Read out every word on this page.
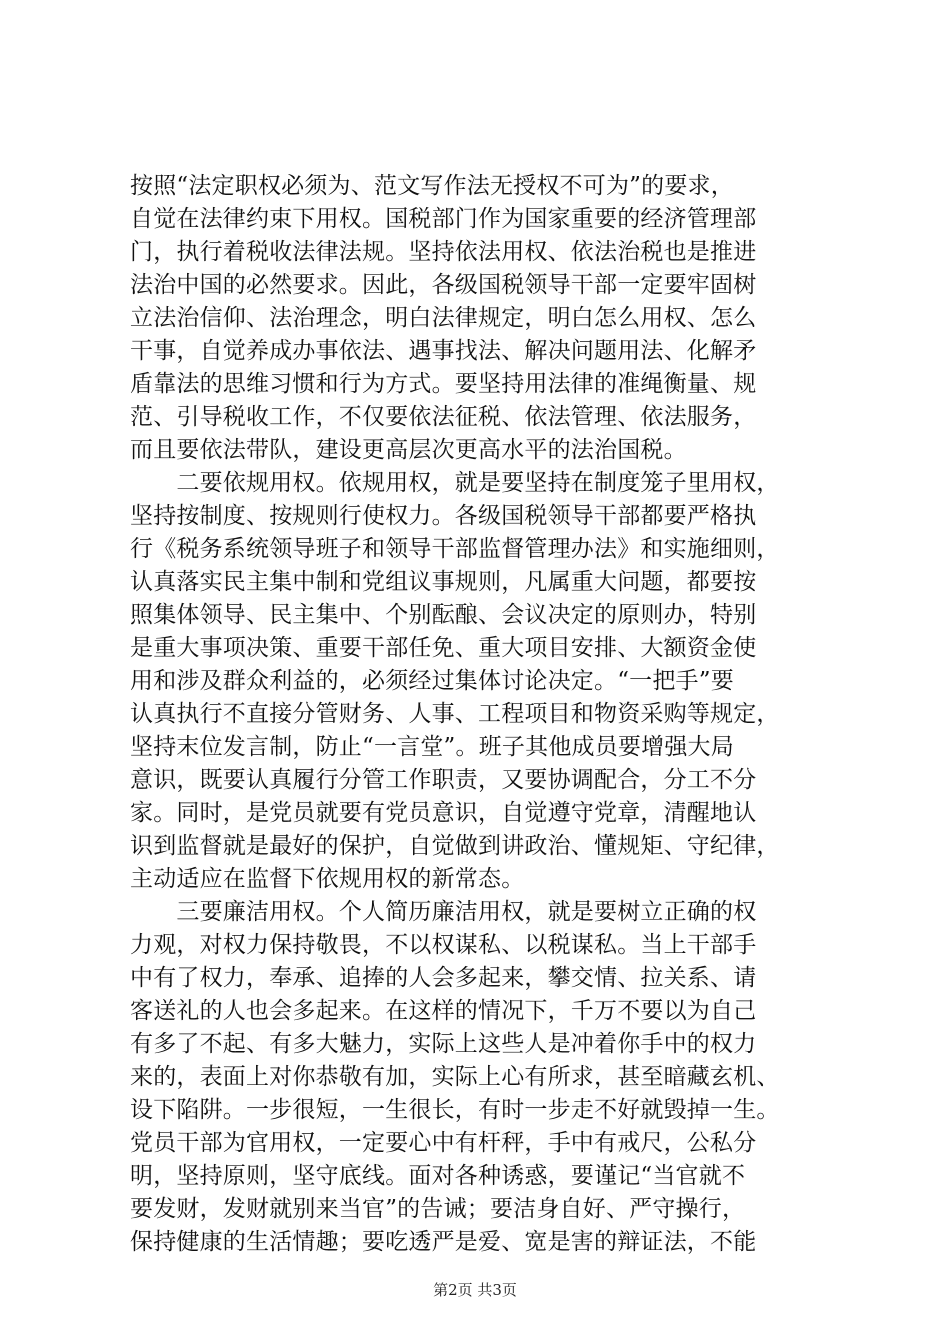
按照“法定职权必须为、范文写作法无授权不可为”的要求，
自觉在法律约束下用权。国税部门作为国家重要的经济管理部
门，执行着税收法律法规。坚持依法用权、依法治税也是推进
法治中国的必然要求。因此，各级国税领导干部一定要牢固树
立法治信仰、法治理念，明白法律规定，明白怎么用权、怎么
干事，自觉养成办事依法、遇事找法、解决问题用法、化解矛
盾靠法的思维习惯和行为方式。要坚持用法律的准绳衡量、规
范、引导税收工作，不仅要依法征税、依法管理、依法服务，
而且要依法带队，建设更高层次更高水平的法治国税。
　　二要依规用权。依规用权，就是要坚持在制度笼子里用权，
坚持按制度、按规则行使权力。各级国税领导干部都要严格执
行《税务系统领导班子和领导干部监督管理办法》和实施细则，
认真落实民主集中制和党组议事规则，凡属重大问题，都要按
照集体领导、民主集中、个别酝酿、会议决定的原则办，特别
是重大事项决策、重要干部任免、重大项目安排、大额资金使
用和涉及群众利益的，必须经过集体讨论决定。“一把手”要
认真执行不直接分管财务、人事、工程项目和物资采购等规定，
坚持末位发言制，防止“一言堂”。班子其他成员要增强大局
意识，既要认真履行分管工作职责，又要协调配合，分工不分
家。同时，是党员就要有党员意识，自觉遵守党章，清醒地认
识到监督就是最好的保护，自觉做到讲政治、懂规矩、守纪律，
主动适应在监督下依规用权的新常态。
　　三要廉洁用权。个人简历廉洁用权，就是要树立正确的权
力观，对权力保持敬畏，不以权谋私、以税谋私。当上干部手
中有了权力，奉承、追捧的人会多起来，攀交情、拉关系、请
客送礼的人也会多起来。在这样的情况下，千万不要以为自己
有多了不起、有多大魅力，实际上这些人是冲着你手中的权力
来的，表面上对你恭敬有加，实际上心有所求，甚至暗藏玄机、
设下陷阱。一步很短，一生很长，有时一步走不好就毁掉一生。
党员干部为官用权，一定要心中有杆秤，手中有戒尺，公私分
明，坚持原则，坚守底线。面对各种诱惑，要谨记“当官就不
要发财，发财就别来当官”的告诫；要洁身自好、严守操行，
保持健康的生活情趣；要吃透严是爱、宽是害的辩证法，不能
第2页 共3页
